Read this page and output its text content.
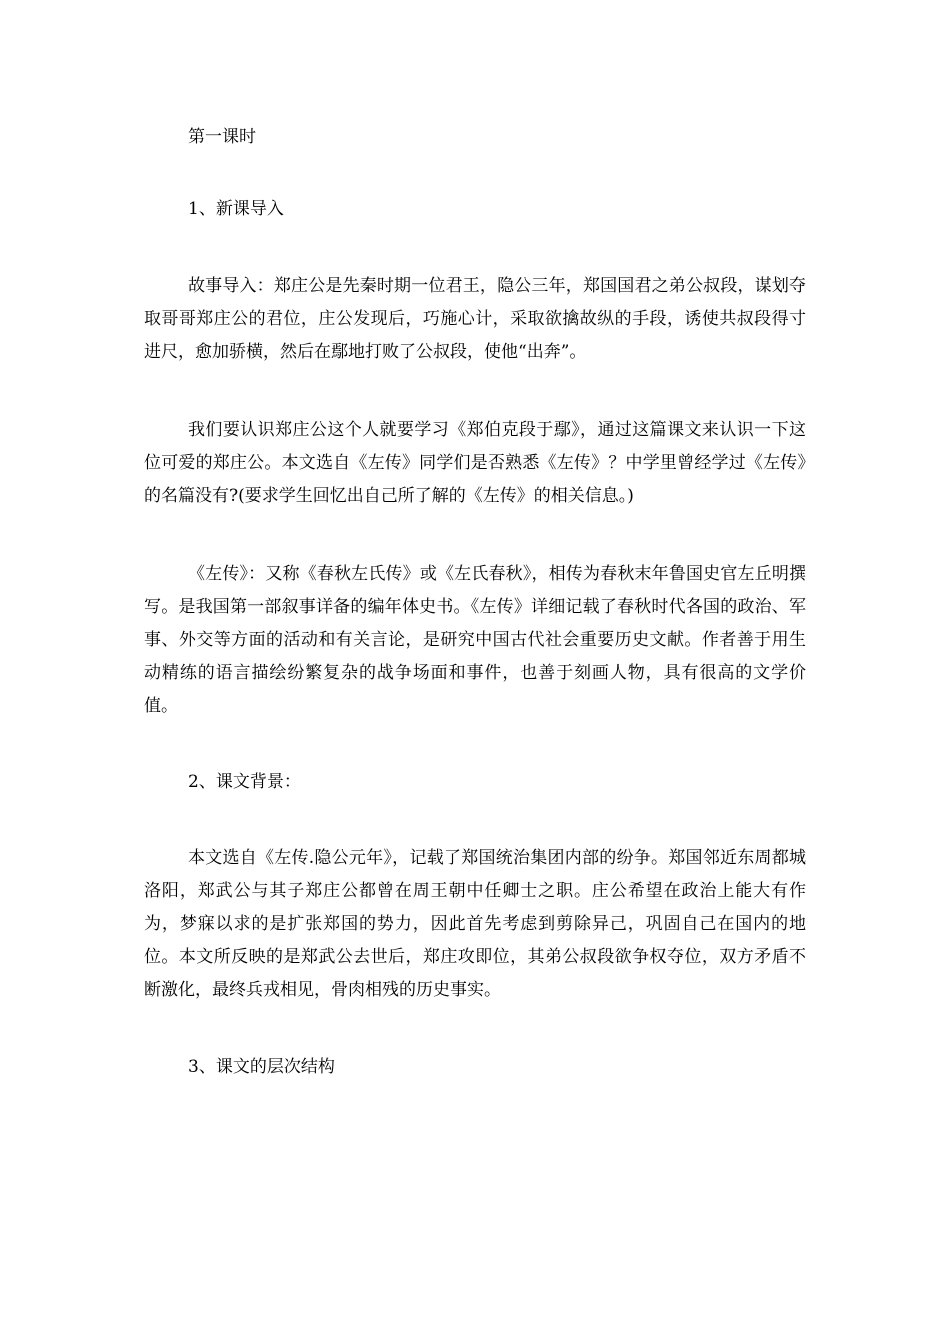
第一课时

1、新课导入

故事导入：郑庄公是先秦时期一位君王，隐公三年，郑国国君之弟公叔段，谋划夺取哥哥郑庄公的君位，庄公发现后，巧施心计，采取欲擒故纵的手段，诱使共叔段得寸进尺，愈加骄横，然后在鄢地打败了公叔段，使他“出奔”。

我们要认识郑庄公这个人就要学习《郑伯克段于鄢》，通过这篇课文来认识一下这位可爱的郑庄公。本文选自《左传》同学们是否熟悉《左传》？中学里曾经学过《左传》的名篇没有?(要求学生回忆出自己所了解的《左传》的相关信息。)

《左传》：又称《春秋左氏传》或《左氏春秋》，相传为春秋末年鲁国史官左丘明撰写。是我国第一部叙事详备的编年体史书。《左传》详细记载了春秋时代各国的政治、军事、外交等方面的活动和有关言论，是研究中国古代社会重要历史文献。作者善于用生动精练的语言描绘纷繁复杂的战争场面和事件，也善于刻画人物，具有很高的文学价值。

2、课文背景：

本文选自《左传.隐公元年》，记载了郑国统治集团内部的纷争。郑国邻近东周都城洛阳，郑武公与其子郑庄公都曾在周王朝中任卿士之职。庄公希望在政治上能大有作为，梦寐以求的是扩张郑国的势力，因此首先考虑到剪除异己，巩固自己在国内的地位。本文所反映的是郑武公去世后，郑庄攻即位，其弟公叔段欲争权夺位，双方矛盾不断激化，最终兵戎相见，骨肉相残的历史事实。

3、课文的层次结构
